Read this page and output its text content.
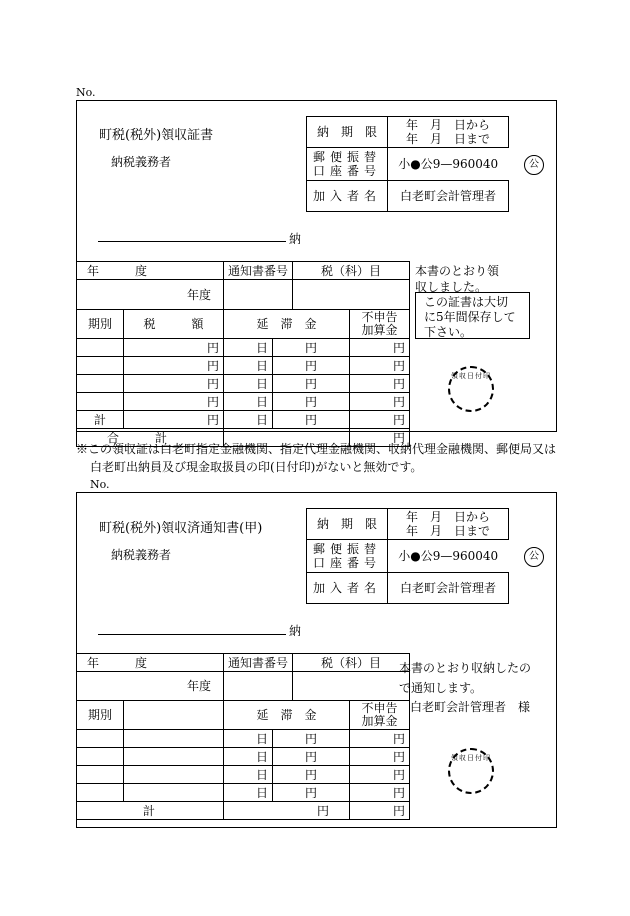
No.
町税(税外)領収証書
納税義務者
納　期　限	年　月　日から
年　月　日まで

郵便振替
口座番号	小●公9—960040
加入者名	白老町会計管理者
公
納
年　　　度		通知書番号		税（科）目	
年度					
期別	税　　　額	延　滞　金			不申告
加算金

	円	日	円		円
	円	日	円		円
	円	日	円		円
	円	日	円		円
計	円	日	円		円
合　　　計					円
本書のとおり領
収しました。
この証書は大切
に5年間保存して
下さい。
領収日付印
※この領収証は白老町指定金融機関、指定代理金融機関、収納代理金融機関、郵便局又は
白老町出納員及び現金取扱員の印(日付印)がないと無効です。
No.
町税(税外)領収済通知書(甲)
納税義務者
納　期　限	年　月　日から
年　月　日まで

郵便振替
口座番号	小●公9—960040
加入者名	白老町会計管理者
公
納
年　　　度		通知書番号		税（科）目	
年度					
期別		延　滞　金			不申告
加算金

		日	円		円
		日	円		円
		日	円		円
		日	円		円
計		円			円
本書のとおり収納したの
で通知します。
白老町会計管理者　様
領収日付印
